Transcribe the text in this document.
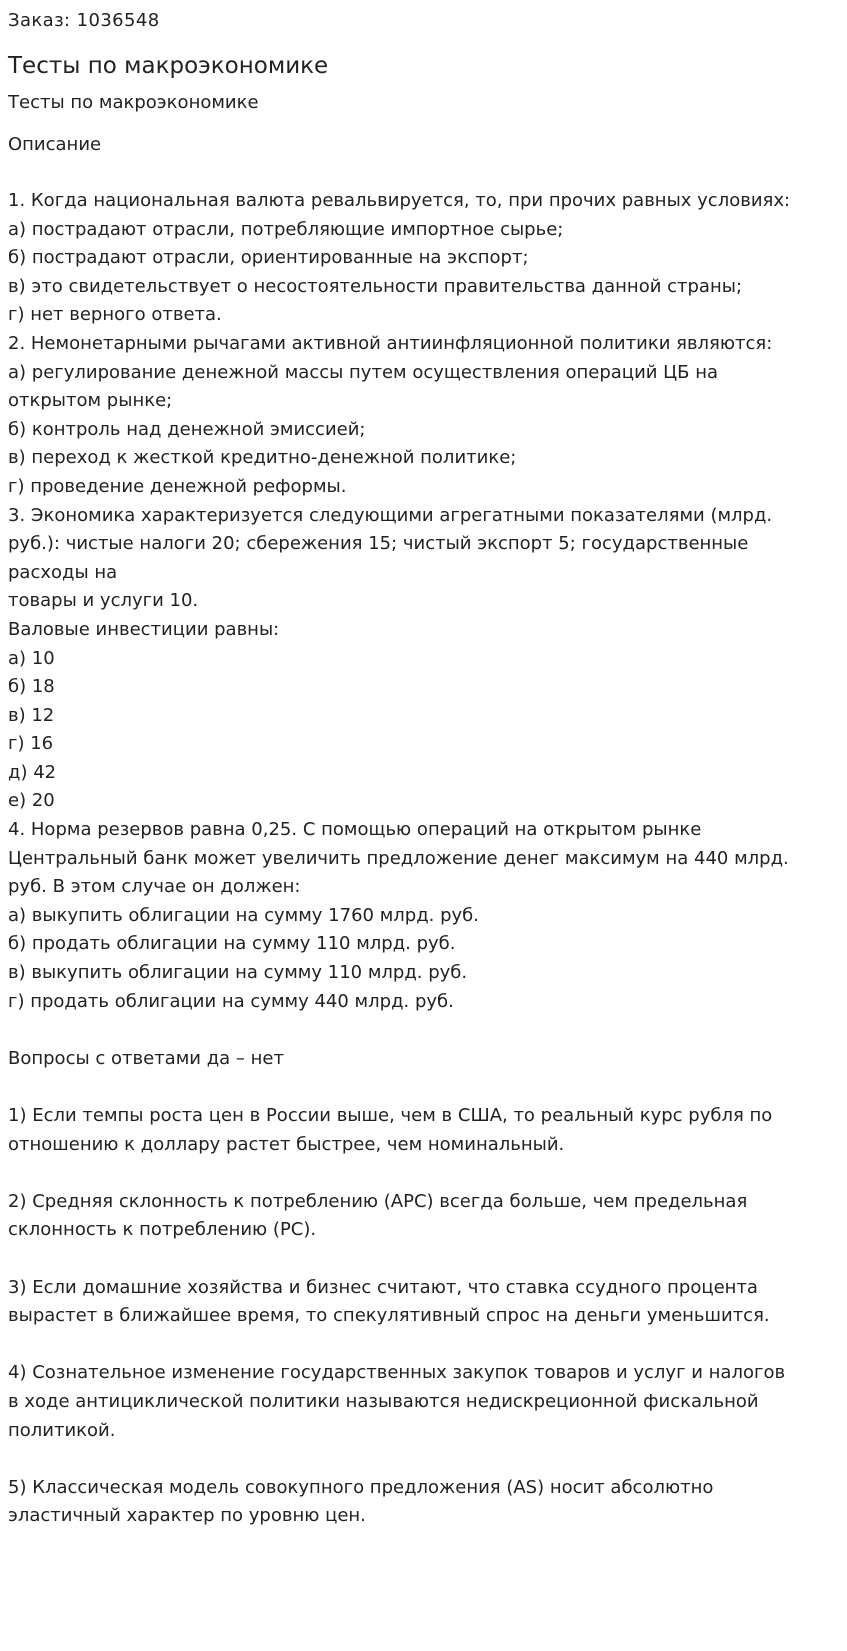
Заказ: 1036548

Тесты по макроэкономике

Тесты по макроэкономике

Описание

1. Когда национальная валюта ревальвируется, то, при прочих равных условиях:
а) пострадают отрасли, потребляющие импортное сырье;
б) пострадают отрасли, ориентированные на экспорт;
в) это свидетельствует о несостоятельности правительства данной страны;
г) нет верного ответа.
2. Немонетарными рычагами активной антиинфляционной политики являются:
а) регулирование денежной массы путем осуществления операций ЦБ на
открытом рынке;
б) контроль над денежной эмиссией;
в) переход к жесткой кредитно-денежной политике;
г) проведение денежной реформы.
3. Экономика характеризуется следующими агрегатными показателями (млрд.
руб.): чистые налоги 20; сбережения 15; чистый экспорт 5; государственные
расходы на
товары и услуги 10.
Валовые инвестиции равны:
а) 10
б) 18
в) 12
г) 16
д) 42
е) 20
4. Норма резервов равна 0,25. С помощью операций на открытом рынке
Центральный банк может увеличить предложение денег максимум на 440 млрд.
руб. В этом случае он должен:
а) выкупить облигации на сумму 1760 млрд. руб.
б) продать облигации на сумму 110 млрд. руб.
в) выкупить облигации на сумму 110 млрд. руб.
г) продать облигации на сумму 440 млрд. руб.
Вопросы с ответами да – нет
1) Если темпы роста цен в России выше, чем в США, то реальный курс рубля по
отношению к доллару растет быстрее, чем номинальный.
2) Средняя склонность к потреблению (APC) всегда больше, чем предельная
склонность к потреблению (PC).
3) Если домашние хозяйства и бизнес считают, что ставка ссудного процента
вырастет в ближайшее время, то спекулятивный спрос на деньги уменьшится.
4) Сознательное изменение государственных закупок товаров и услуг и налогов
в ходе антициклической политики называются недискреционной фискальной
политикой.
5) Классическая модель совокупного предложения (AS) носит абсолютно
эластичный характер по уровню цен.
